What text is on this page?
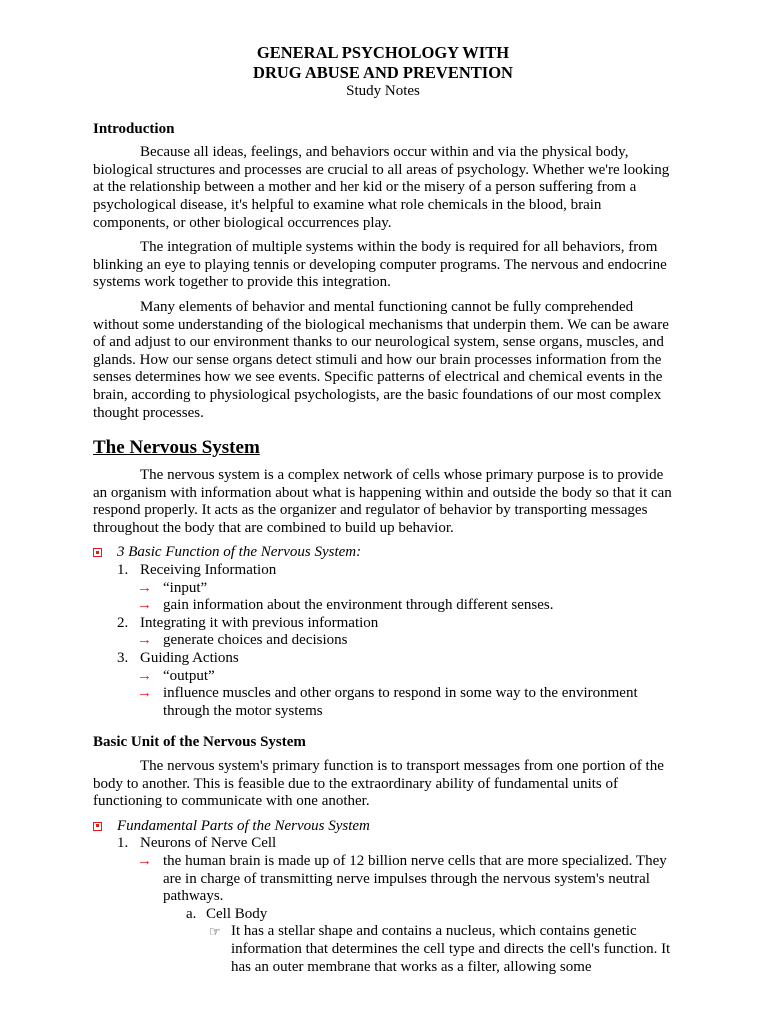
GENERAL PSYCHOLOGY WITH
DRUG ABUSE AND PREVENTION
Study Notes
Introduction

Because all ideas, feelings, and behaviors occur within and via the physical body, biological structures and processes are crucial to all areas of psychology. Whether we're looking at the relationship between a mother and her kid or the misery of a person suffering from a psychological disease, it's helpful to examine what role chemicals in the blood, brain components, or other biological occurrences play.

The integration of multiple systems within the body is required for all behaviors, from blinking an eye to playing tennis or developing computer programs. The nervous and endocrine systems work together to provide this integration.

Many elements of behavior and mental functioning cannot be fully comprehended without some understanding of the biological mechanisms that underpin them. We can be aware of and adjust to our environment thanks to our neurological system, sense organs, muscles, and glands. How our sense organs detect stimuli and how our brain processes information from the senses determines how we see events. Specific patterns of electrical and chemical events in the brain, according to physiological psychologists, are the basic foundations of our most complex thought processes.

The Nervous System

The nervous system is a complex network of cells whose primary purpose is to provide an organism with information about what is happening within and outside the body so that it can respond properly. It acts as the organizer and regulator of behavior by transporting messages throughout the body that are combined to build up behavior.

3 Basic Function of the Nervous System:
1. Receiving Information
→ “input”
→ gain information about the environment through different senses.
2. Integrating it with previous information
→ generate choices and decisions
3. Guiding Actions
→ “output”
→ influence muscles and other organs to respond in some way to the environment through the motor systems
Basic Unit of the Nervous System

The nervous system's primary function is to transport messages from one portion of the body to another. This is feasible due to the extraordinary ability of fundamental units of functioning to communicate with one another.

Fundamental Parts of the Nervous System
1. Neurons of Nerve Cell
→ the human brain is made up of 12 billion nerve cells that are more specialized. They are in charge of transmitting nerve impulses through the nervous system's neutral pathways.
a. Cell Body
☞ It has a stellar shape and contains a nucleus, which contains genetic information that determines the cell type and directs the cell's function. It has an outer membrane that works as a filter, allowing some
